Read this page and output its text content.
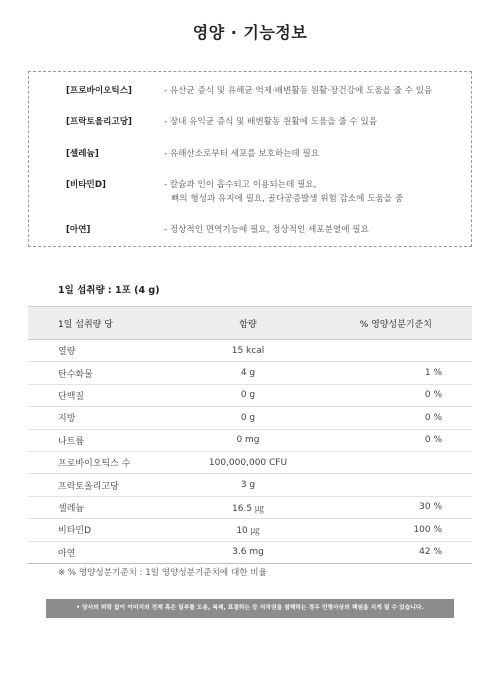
영양 · 기능정보
[프로바이오틱스]	- 유산균 증식 및 유해균 억제·배변활동 원활·장건강에 도움을 줄 수 있음
[프락토올리고당]	- 장내 유익균 증식 및 배변활동 원활에 도움을 줄 수 있음
[셀레늄]	- 유해산소로부터 세포를 보호하는데 필요
[비타민D]	- 칼슘과 인이 흡수되고 이용되는데 필요,
뼈의 형성과 유지에 필요, 골다공증발생 위험 감소에 도움을 줌
[아연]	- 정상적인 면역기능에 필요, 정상적인 세포분열에 필요
1일 섭취량 : 1포 (4 g)
1일 섭취량 당	함량	% 영양성분기준치
열량	15 kcal	
탄수화물	4 g	1 %
단백질	0 g	0 %
지방	0 g	0 %
나트륨	0 mg	0 %
프로바이오틱스 수	100,000,000 CFU	
프락토올리고당	3 g	
셀레늄	16.5 ㎍	30 %
비타민D	10 ㎍	100 %
아연	3.6 mg	42 %
※ % 영양성분기준치 : 1일 영양성분기준치에 대한 비율
• 당사의 허락 없이 이미지의 전체 혹은 일부를 도용, 복제, 표절하는 등 저작권을 침해하는 경우 민형사상의 책임을 지게 될 수 있습니다.
